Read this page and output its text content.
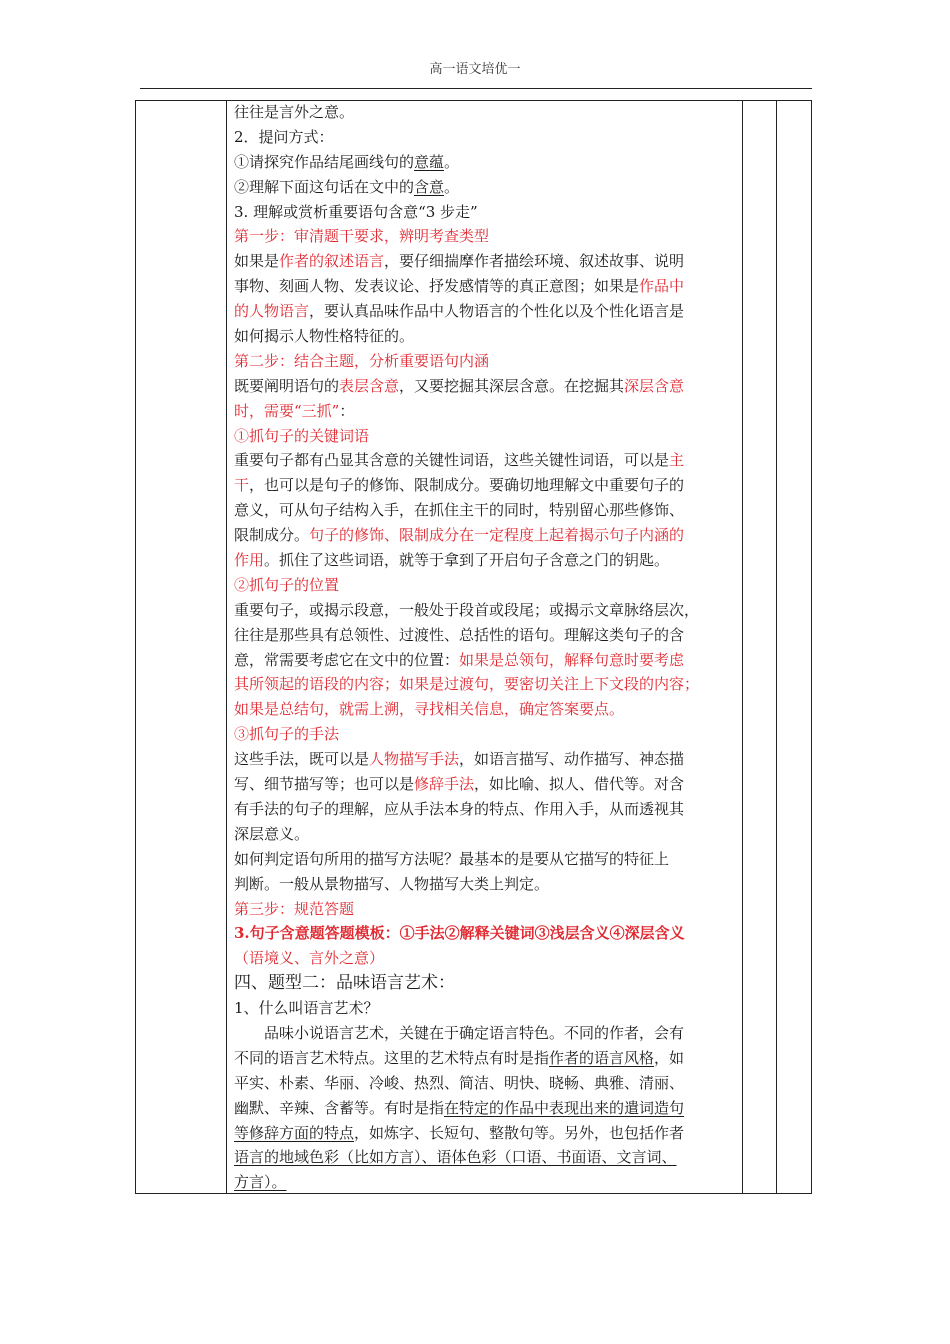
高一语文培优一
往往是言外之意。
2．提问方式：
①请探究作品结尾画线句的意蕴。
②理解下面这句话在文中的含意。
3. 理解或赏析重要语句含意“3 步走”
第一步：审清题干要求，辨明考查类型
如果是作者的叙述语言，要仔细揣摩作者描绘环境、叙述故事、说明
事物、刻画人物、发表议论、抒发感情等的真正意图；如果是作品中
的人物语言，要认真品味作品中人物语言的个性化以及个性化语言是
如何揭示人物性格特征的。
第二步：结合主题，分析重要语句内涵
既要阐明语句的表层含意，又要挖掘其深层含意。在挖掘其深层含意
时，需要“三抓”：
①抓句子的关键词语
重要句子都有凸显其含意的关键性词语，这些关键性词语，可以是主
干，也可以是句子的修饰、限制成分。要确切地理解文中重要句子的
意义，可从句子结构入手，在抓住主干的同时，特别留心那些修饰、
限制成分。句子的修饰、限制成分在一定程度上起着揭示句子内涵的
作用。抓住了这些词语，就等于拿到了开启句子含意之门的钥匙。
②抓句子的位置
重要句子，或揭示段意，一般处于段首或段尾；或揭示文章脉络层次，
往往是那些具有总领性、过渡性、总括性的语句。理解这类句子的含
意，常需要考虑它在文中的位置：如果是总领句，解释句意时要考虑
其所领起的语段的内容；如果是过渡句，要密切关注上下文段的内容；
如果是总结句，就需上溯，寻找相关信息，确定答案要点。
③抓句子的手法
这些手法，既可以是人物描写手法，如语言描写、动作描写、神态描
写、细节描写等；也可以是修辞手法，如比喻、拟人、借代等。对含
有手法的句子的理解，应从手法本身的特点、作用入手，从而透视其
深层意义。
如何判定语句所用的描写方法呢？最基本的是要从它描写的特征上
判断。一般从景物描写、人物描写大类上判定。
第三步：规范答题
3.句子含意题答题模板：①手法②解释关键词③浅层含义④深层含义
（语境义、言外之意）
四、题型二：品味语言艺术：
1、什么叫语言艺术？
　　品味小说语言艺术，关键在于确定语言特色。不同的作者，会有
不同的语言艺术特点。这里的艺术特点有时是指作者的语言风格，如
平实、朴素、华丽、冷峻、热烈、简洁、明快、晓畅、典雅、清丽、
幽默、辛辣、含蓄等。有时是指在特定的作品中表现出来的遣词造句
等修辞方面的特点，如炼字、长短句、整散句等。另外，也包括作者
语言的地域色彩（比如方言）、语体色彩（口语、书面语、文言词、
方言）。
